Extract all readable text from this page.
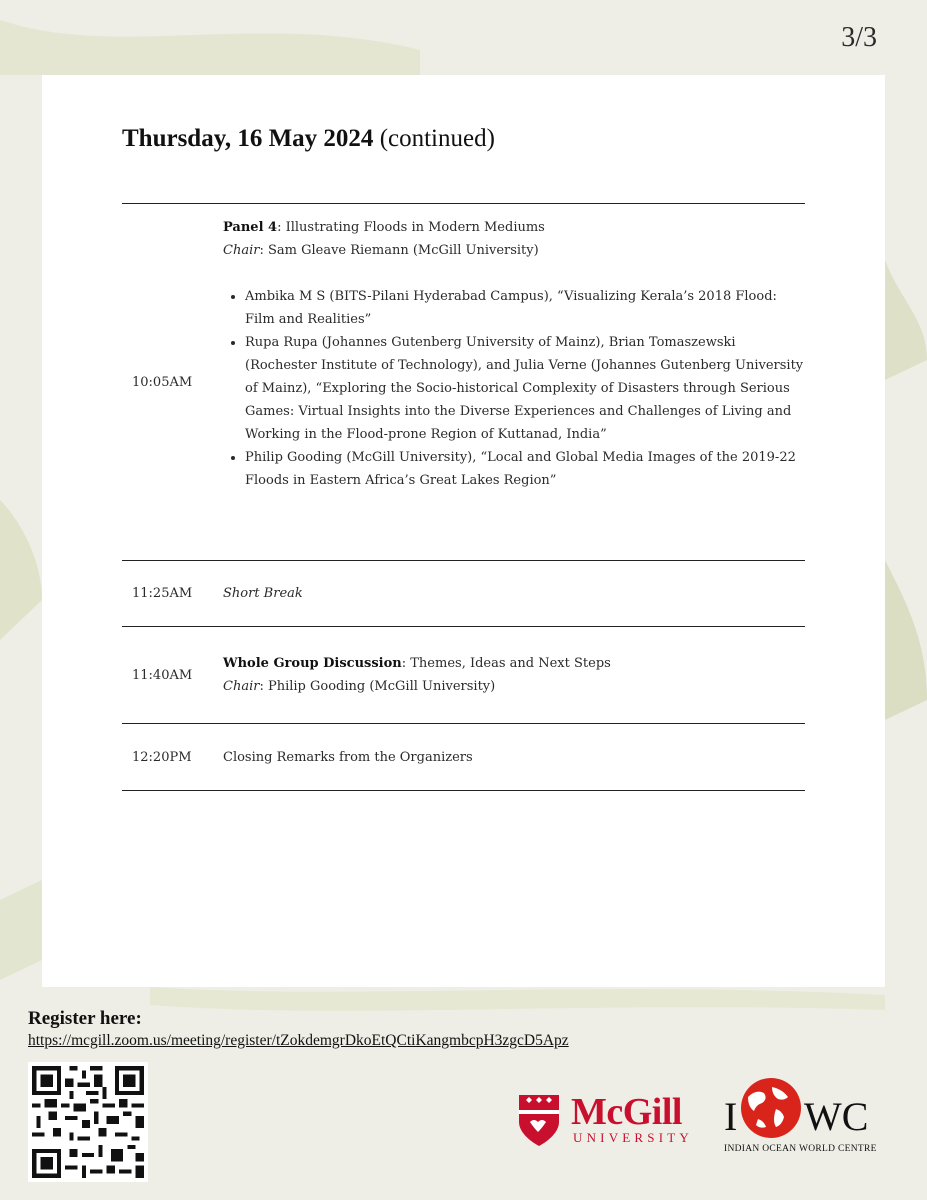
3/3
Thursday, 16 May 2024 (continued)
10:05AM
Panel 4: Illustrating Floods in Modern Mediums
Chair: Sam Gleave Riemann (McGill University)
• Ambika M S (BITS-Pilani Hyderabad Campus), “Visualizing Kerala’s 2018 Flood: Film and Realities”
• Rupa Rupa (Johannes Gutenberg University of Mainz), Brian Tomaszewski (Rochester Institute of Technology), and Julia Verne (Johannes Gutenberg University of Mainz), “Exploring the Socio-historical Complexity of Disasters through Serious Games: Virtual Insights into the Diverse Experiences and Challenges of Living and Working in the Flood-prone Region of Kuttanad, India”
• Philip Gooding (McGill University), “Local and Global Media Images of the 2019-22 Floods in Eastern Africa’s Great Lakes Region”
11:25AM	Short Break
11:40AM
Whole Group Discussion: Themes, Ideas and Next Steps
Chair: Philip Gooding (McGill University)
12:20PM	Closing Remarks from the Organizers
Register here:
https://mcgill.zoom.us/meeting/register/tZokdemgrDkoEtQCtiKangmbcpH3zgcD5Apz
McGill
UNIVERSITY I WC
INDIAN OCEAN WORLD CENTRE
